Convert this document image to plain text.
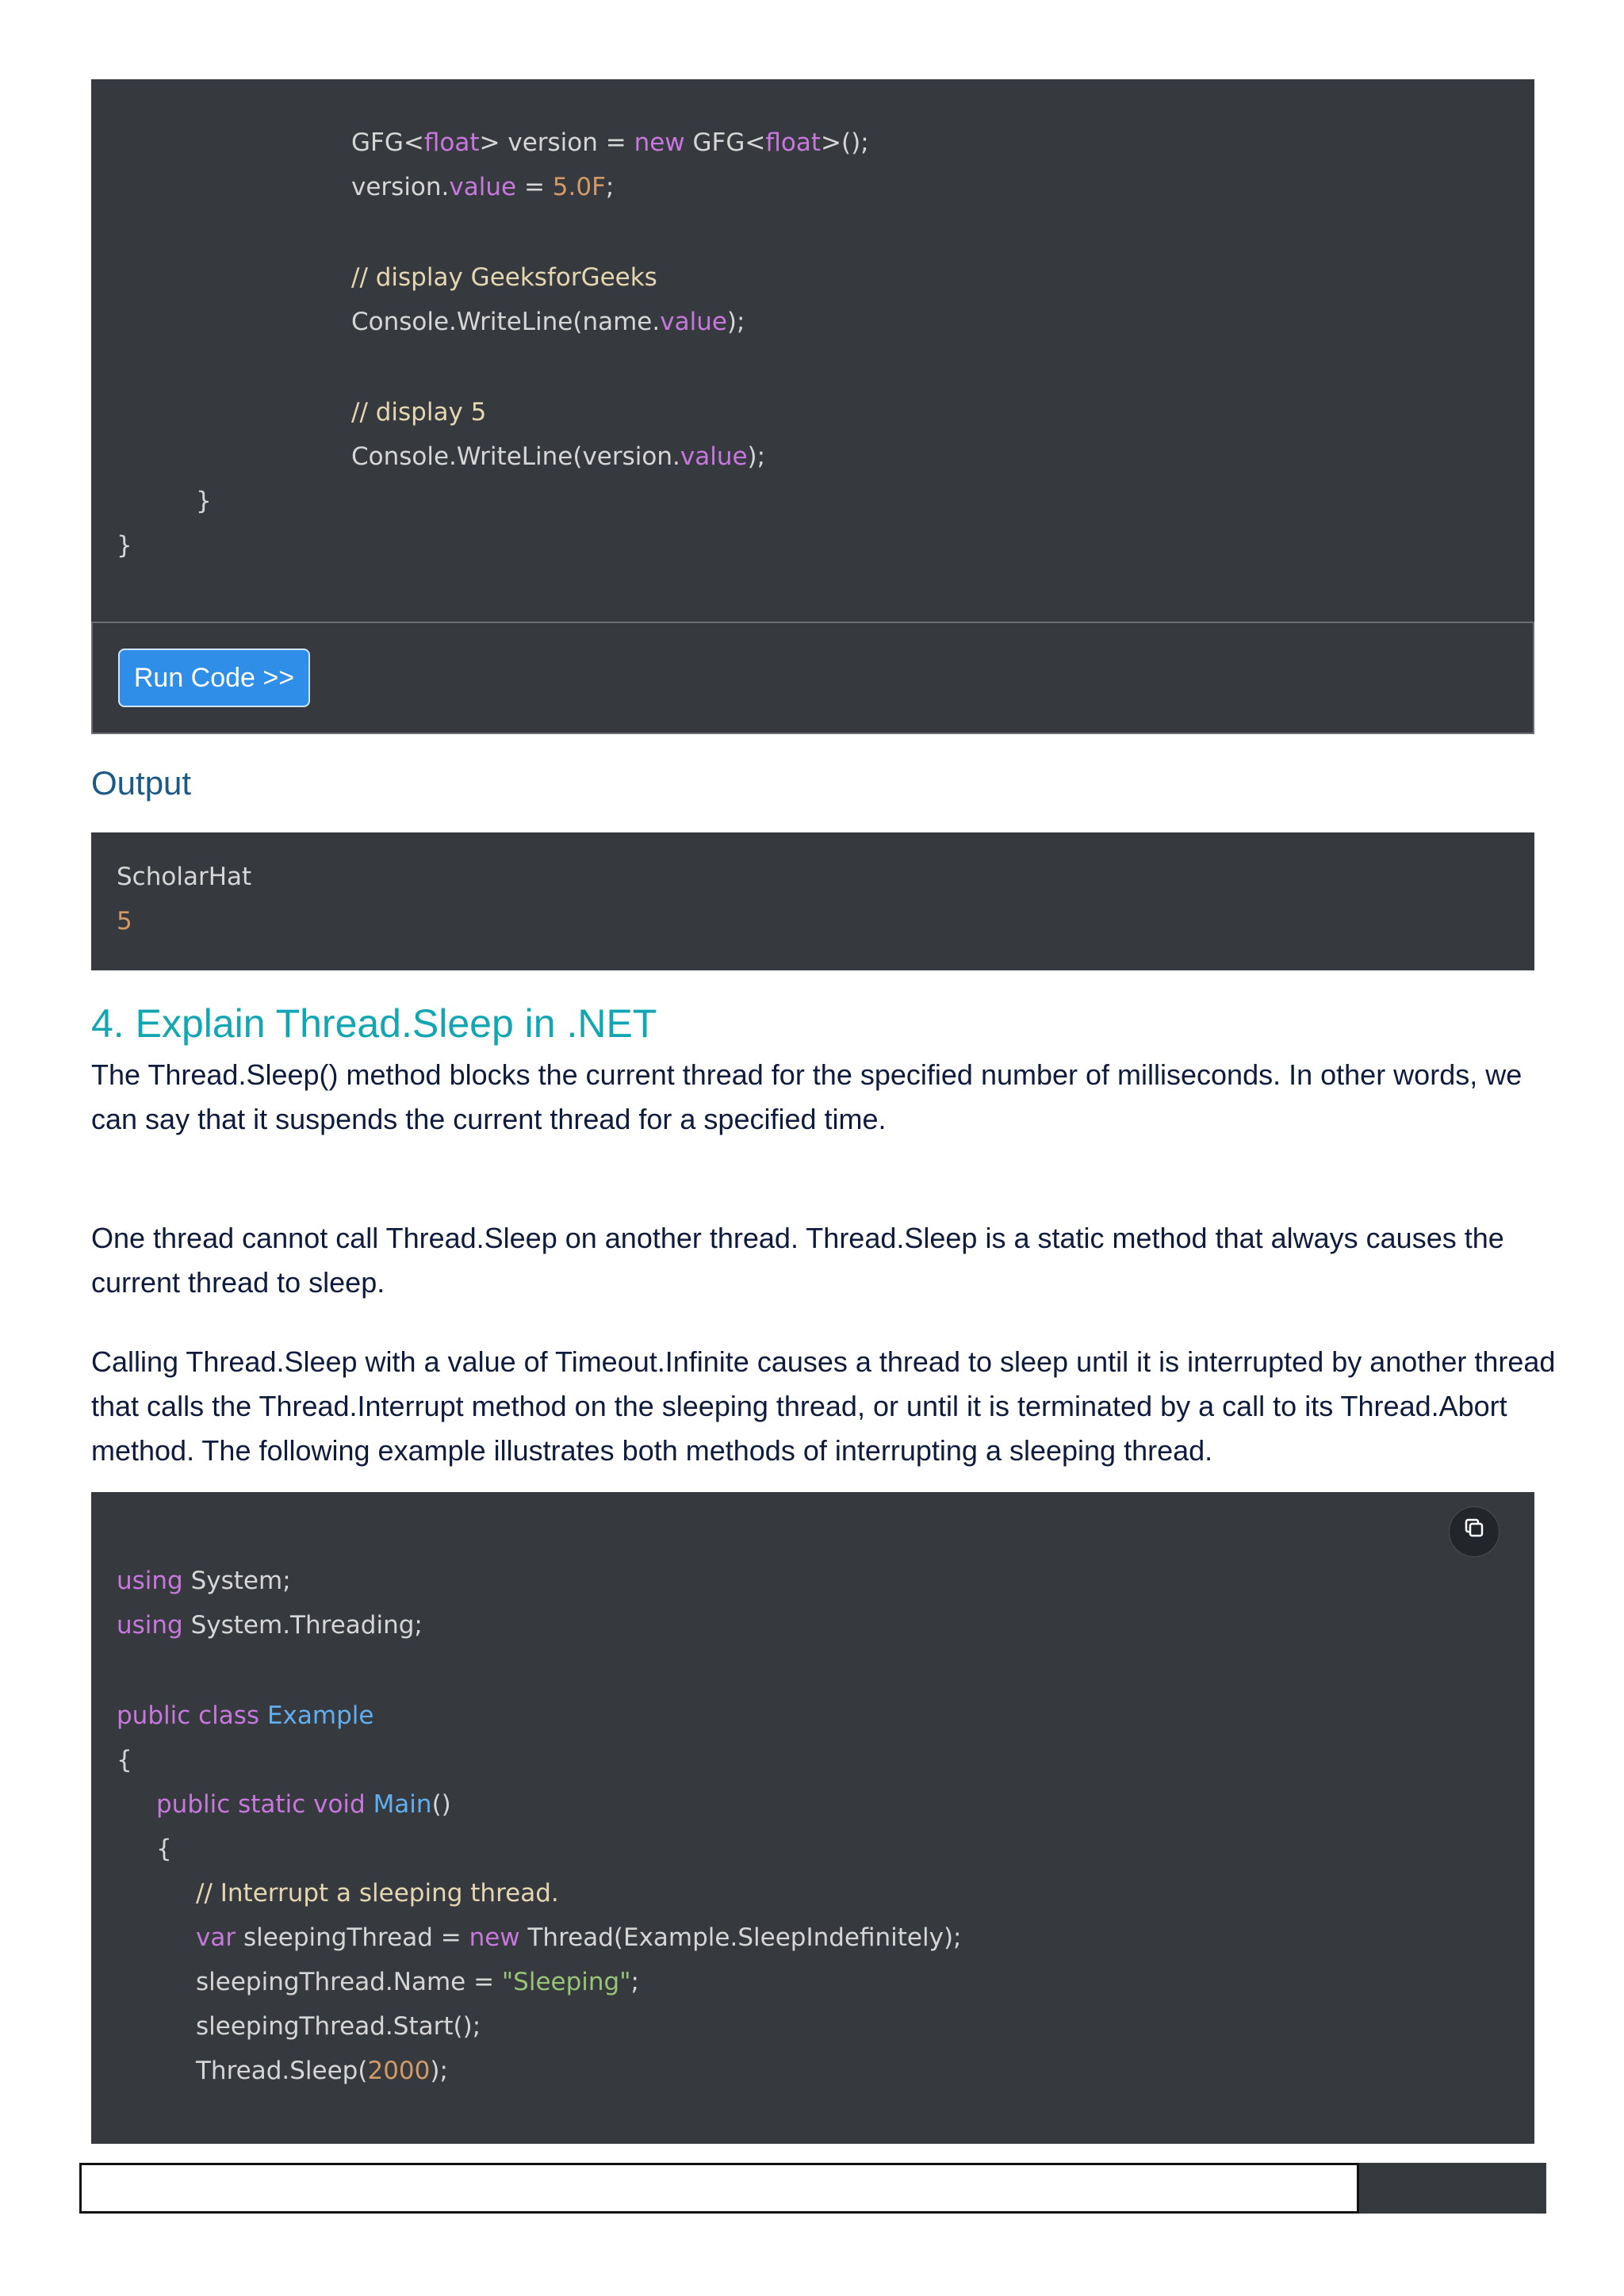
GFG<float> version = new GFG<float>();
version.value = 5.0F;
// display GeeksforGeeks
Console.WriteLine(name.value);
// display 5
Console.WriteLine(version.value);
}
}
Run Code >>
Output
ScholarHat
5
4. Explain Thread.Sleep in .NET
The Thread.Sleep() method blocks the current thread for the specified number of milliseconds. In other words, we can say that it suspends the current thread for a specified time.
One thread cannot call Thread.Sleep on another thread. Thread.Sleep is a static method that always causes the current thread to sleep.
Calling Thread.Sleep with a value of Timeout.Infinite causes a thread to sleep until it is interrupted by another thread that calls the Thread.Interrupt method on the sleeping thread, or until it is terminated by a call to its Thread.Abort method. The following example illustrates both methods of interrupting a sleeping thread.
using System;
using System.Threading;
public class Example
{
public static void Main()
{
// Interrupt a sleeping thread.
var sleepingThread = new Thread(Example.SleepIndefinitely);
sleepingThread.Name = "Sleeping";
sleepingThread.Start();
Thread.Sleep(2000);
